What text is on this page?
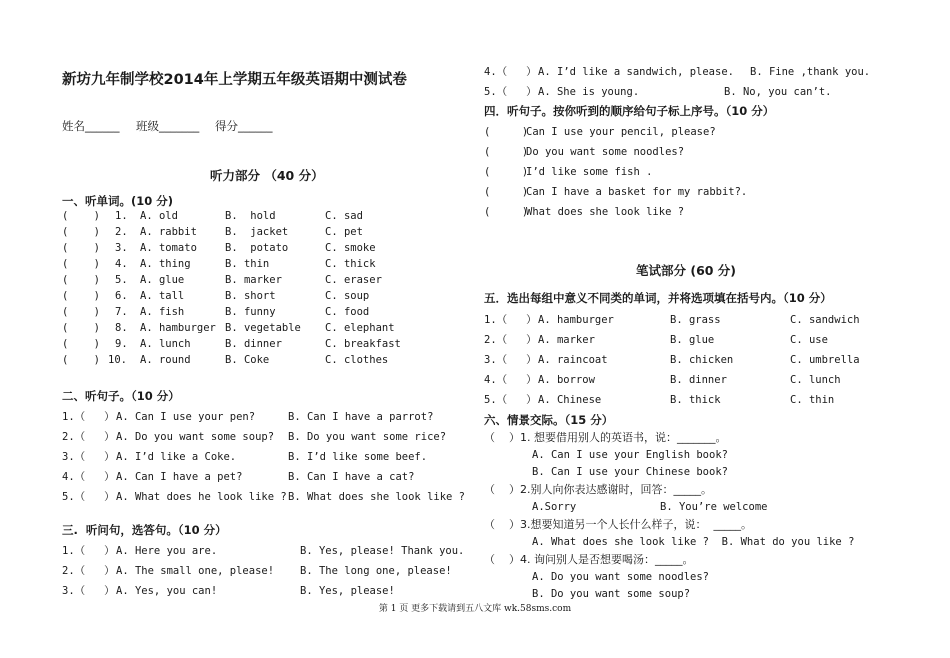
新坊九年制学校2014年上学期五年级英语期中测试卷
姓名______ 班级_______ 得分______
听力部分 （40 分）
一、听单词。(10 分)
(    ) 1. A. old	B.  hold	C. sad
(    ) 2. A. rabbit	B.  jacket	C. pet
(    ) 3. A. tomato	B.  potato	C. smoke
(    ) 4. A. thing	B. thin	C. thick
(    ) 5. A. glue	B. marker	C. eraser
(    ) 6. A. tall	B. short	C. soup
(    ) 7. A. fish	B. funny	C. food
(    ) 8. A. hamburger B. vegetable C. elephant
(    ) 9. A. lunch	B. dinner	C. breakfast
(    ) 10. A. round	B. Coke	C. clothes
二、听句子。（10 分）
1.（   ） A. Can I use your pen?	B. Can I have a parrot?
2.（   ） A. Do you want some soup? B. Do you want some rice?
3.（   ） A. I’d like a Coke.	B. I’d like some beef.
4.（   ） A. Can I have a pet?	B. Can I have a cat?
5.（   ） A. What does he look like ? B. What does she look like ?
三.  听问句，选答句。（10 分）
1.（   ） A. Here you are.	B. Yes, please! Thank you.
2.（   ） A. The small one, please! B. The long one, please!
3.（   ） A. Yes, you can!	B. Yes, please!
4.（   ） A. I’d like a sandwich, please. B. Fine ,thank you.
5.（   ） A. She is young.	B. No, you can’t.
四．听句子。按你听到的顺序给句子标上序号。（10 分）
(     )
Can I use your pencil, please?
(     )
Do you want some noodles?
(     )
I’d like some fish .
(     )
Can I have a basket for my rabbit?.
(     )
What does she look like ?
笔试部分 (60 分)
五．选出每组中意义不同类的单词，并将选项填在括号内。（10 分）
1.（   ） A. hamburger	B. grass	C. sandwich
2.（   ） A. marker	B. glue	C. use
3.（   ） A. raincoat	B. chicken	C. umbrella
4.（   ） A. borrow	B. dinner	C. lunch
5.（   ） A. Chinese	B. thick	C. thin
六、情景交际。（15 分）
（    ）1. 想要借用别人的英语书，说：_______。
A. Can I use your English book?
B. Can I use your Chinese book?
（    ）2.别人向你表达感谢时，回答：_____。
A.Sorry	B. You’re welcome
（    ）3.想要知道另一个人长什么样子，说：  _____。
A. What does she look like ?  B. What do you like ?
（    ）4. 询问别人是否想要喝汤：_____。
A. Do you want some noodles?
B. Do you want some soup?
第 1 页 更多下载请到五八文库 wk.58sms.com
